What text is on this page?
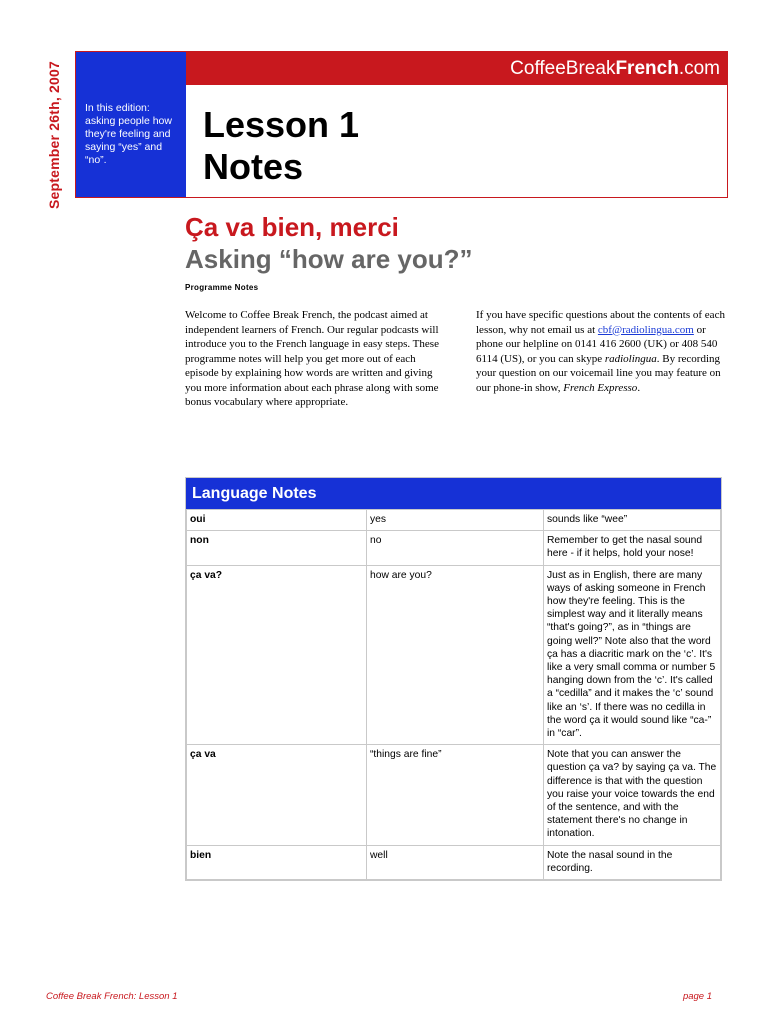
September 26th, 2007 In this edition: asking people how they're feeling and saying “yes” and “no”.
CoffeeBreakFrench.com
Lesson 1
Notes
Ça va bien, merci
Asking “how are you?”
Programme Notes
Welcome to Coffee Break French, the podcast aimed at independent learners of French. Our regular podcasts will introduce you to the French language in easy steps. These programme notes will help you get more out of each episode by explaining how words are written and giving you more information about each phrase along with some bonus vocabulary where appropriate.
If you have specific questions about the contents of each lesson, why not email us at cbf@radiolingua.com or phone our helpline on 0141 416 2600 (UK) or 408 540 6114 (US), or you can skype radiolingua. By recording your question on our voicemail line you may feature on our phone-in show, French Expresso.
Language Notes
oui	yes	sounds like “wee”
non	no	Remember to get the nasal sound here - if it helps, hold your nose!
ça va?	how are you?	Just as in English, there are many ways of asking someone in French how they're feeling. This is the simplest way and it literally means “that's going?”, as in “things are going well?” Note also that the word ça has a diacritic mark on the ‘c’. It's like a very small comma or number 5 hanging down from the ‘c’. It's called a “cedilla” and it makes the ‘c’ sound like an ‘s’. If there was no cedilla in the word ça it would sound like “ca-” in “car”.
ça va	“things are fine”	Note that you can answer the question ça va? by saying ça va. The difference is that with the question you raise your voice towards the end of the sentence, and with the statement there's no change in intonation.
bien	well	Note the nasal sound in the recording.
Coffee Break French: Lesson 1	page 1
